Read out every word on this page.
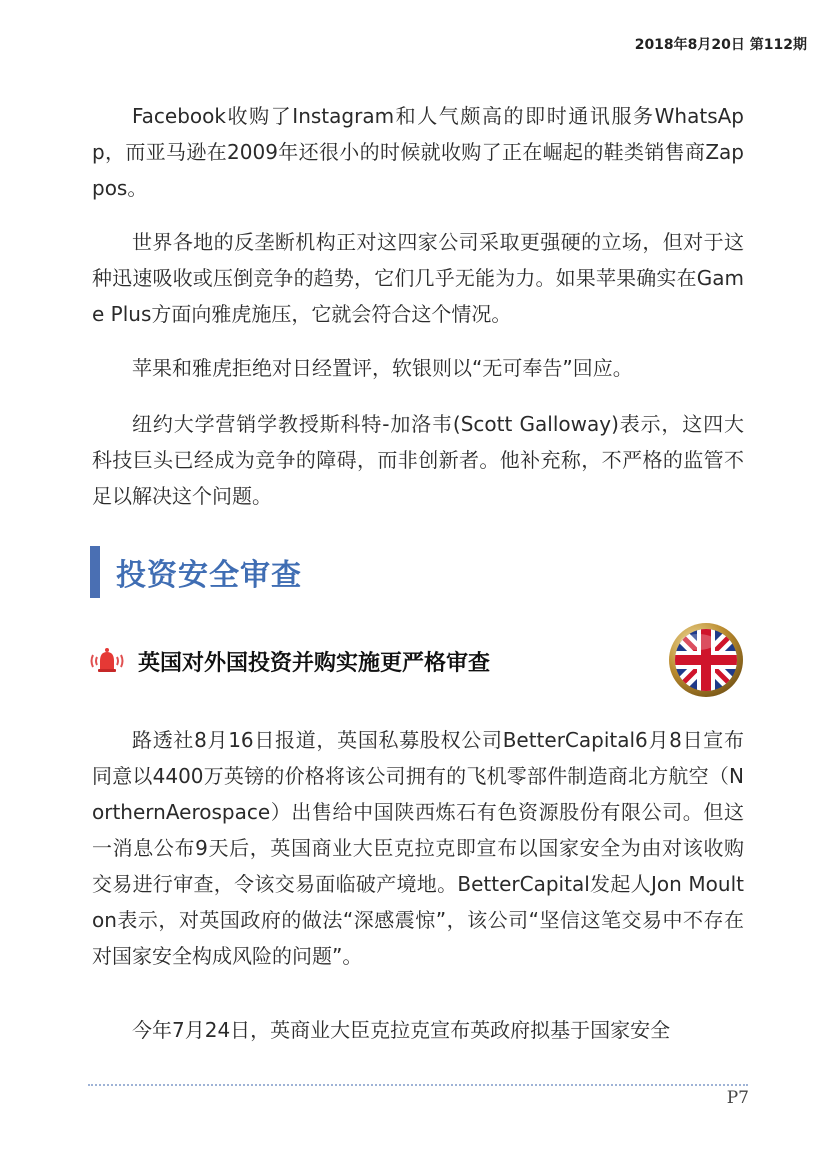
2018年8月20日 第112期

Facebook收购了Instagram和人气颇高的即时通讯服务WhatsApp，而亚马逊在2009年还很小的时候就收购了正在崛起的鞋类销售商Zappos。

世界各地的反垄断机构正对这四家公司采取更强硬的立场，但对于这种迅速吸收或压倒竞争的趋势，它们几乎无能为力。如果苹果确实在Game Plus方面向雅虎施压，它就会符合这个情况。

苹果和雅虎拒绝对日经置评，软银则以“无可奉告”回应。

纽约大学营销学教授斯科特-加洛韦(Scott Galloway)表示，这四大科技巨头已经成为竞争的障碍，而非创新者。他补充称，不严格的监管不足以解决这个问题。

投资安全审查
英国对外国投资并购实施更严格审查

路透社8月16日报道，英国私募股权公司BetterCapital6月8日宣布同意以4400万英镑的价格将该公司拥有的飞机零部件制造商北方航空（NorthernAerospace）出售给中国陕西炼石有色资源股份有限公司。但这一消息公布9天后，英国商业大臣克拉克即宣布以国家安全为由对该收购交易进行审查，令该交易面临破产境地。BetterCapital发起人Jon Moulton表示，对英国政府的做法“深感震惊”，该公司“坚信这笔交易中不存在对国家安全构成风险的问题”。

今年7月24日，英商业大臣克拉克宣布英政府拟基于国家安全

P7
